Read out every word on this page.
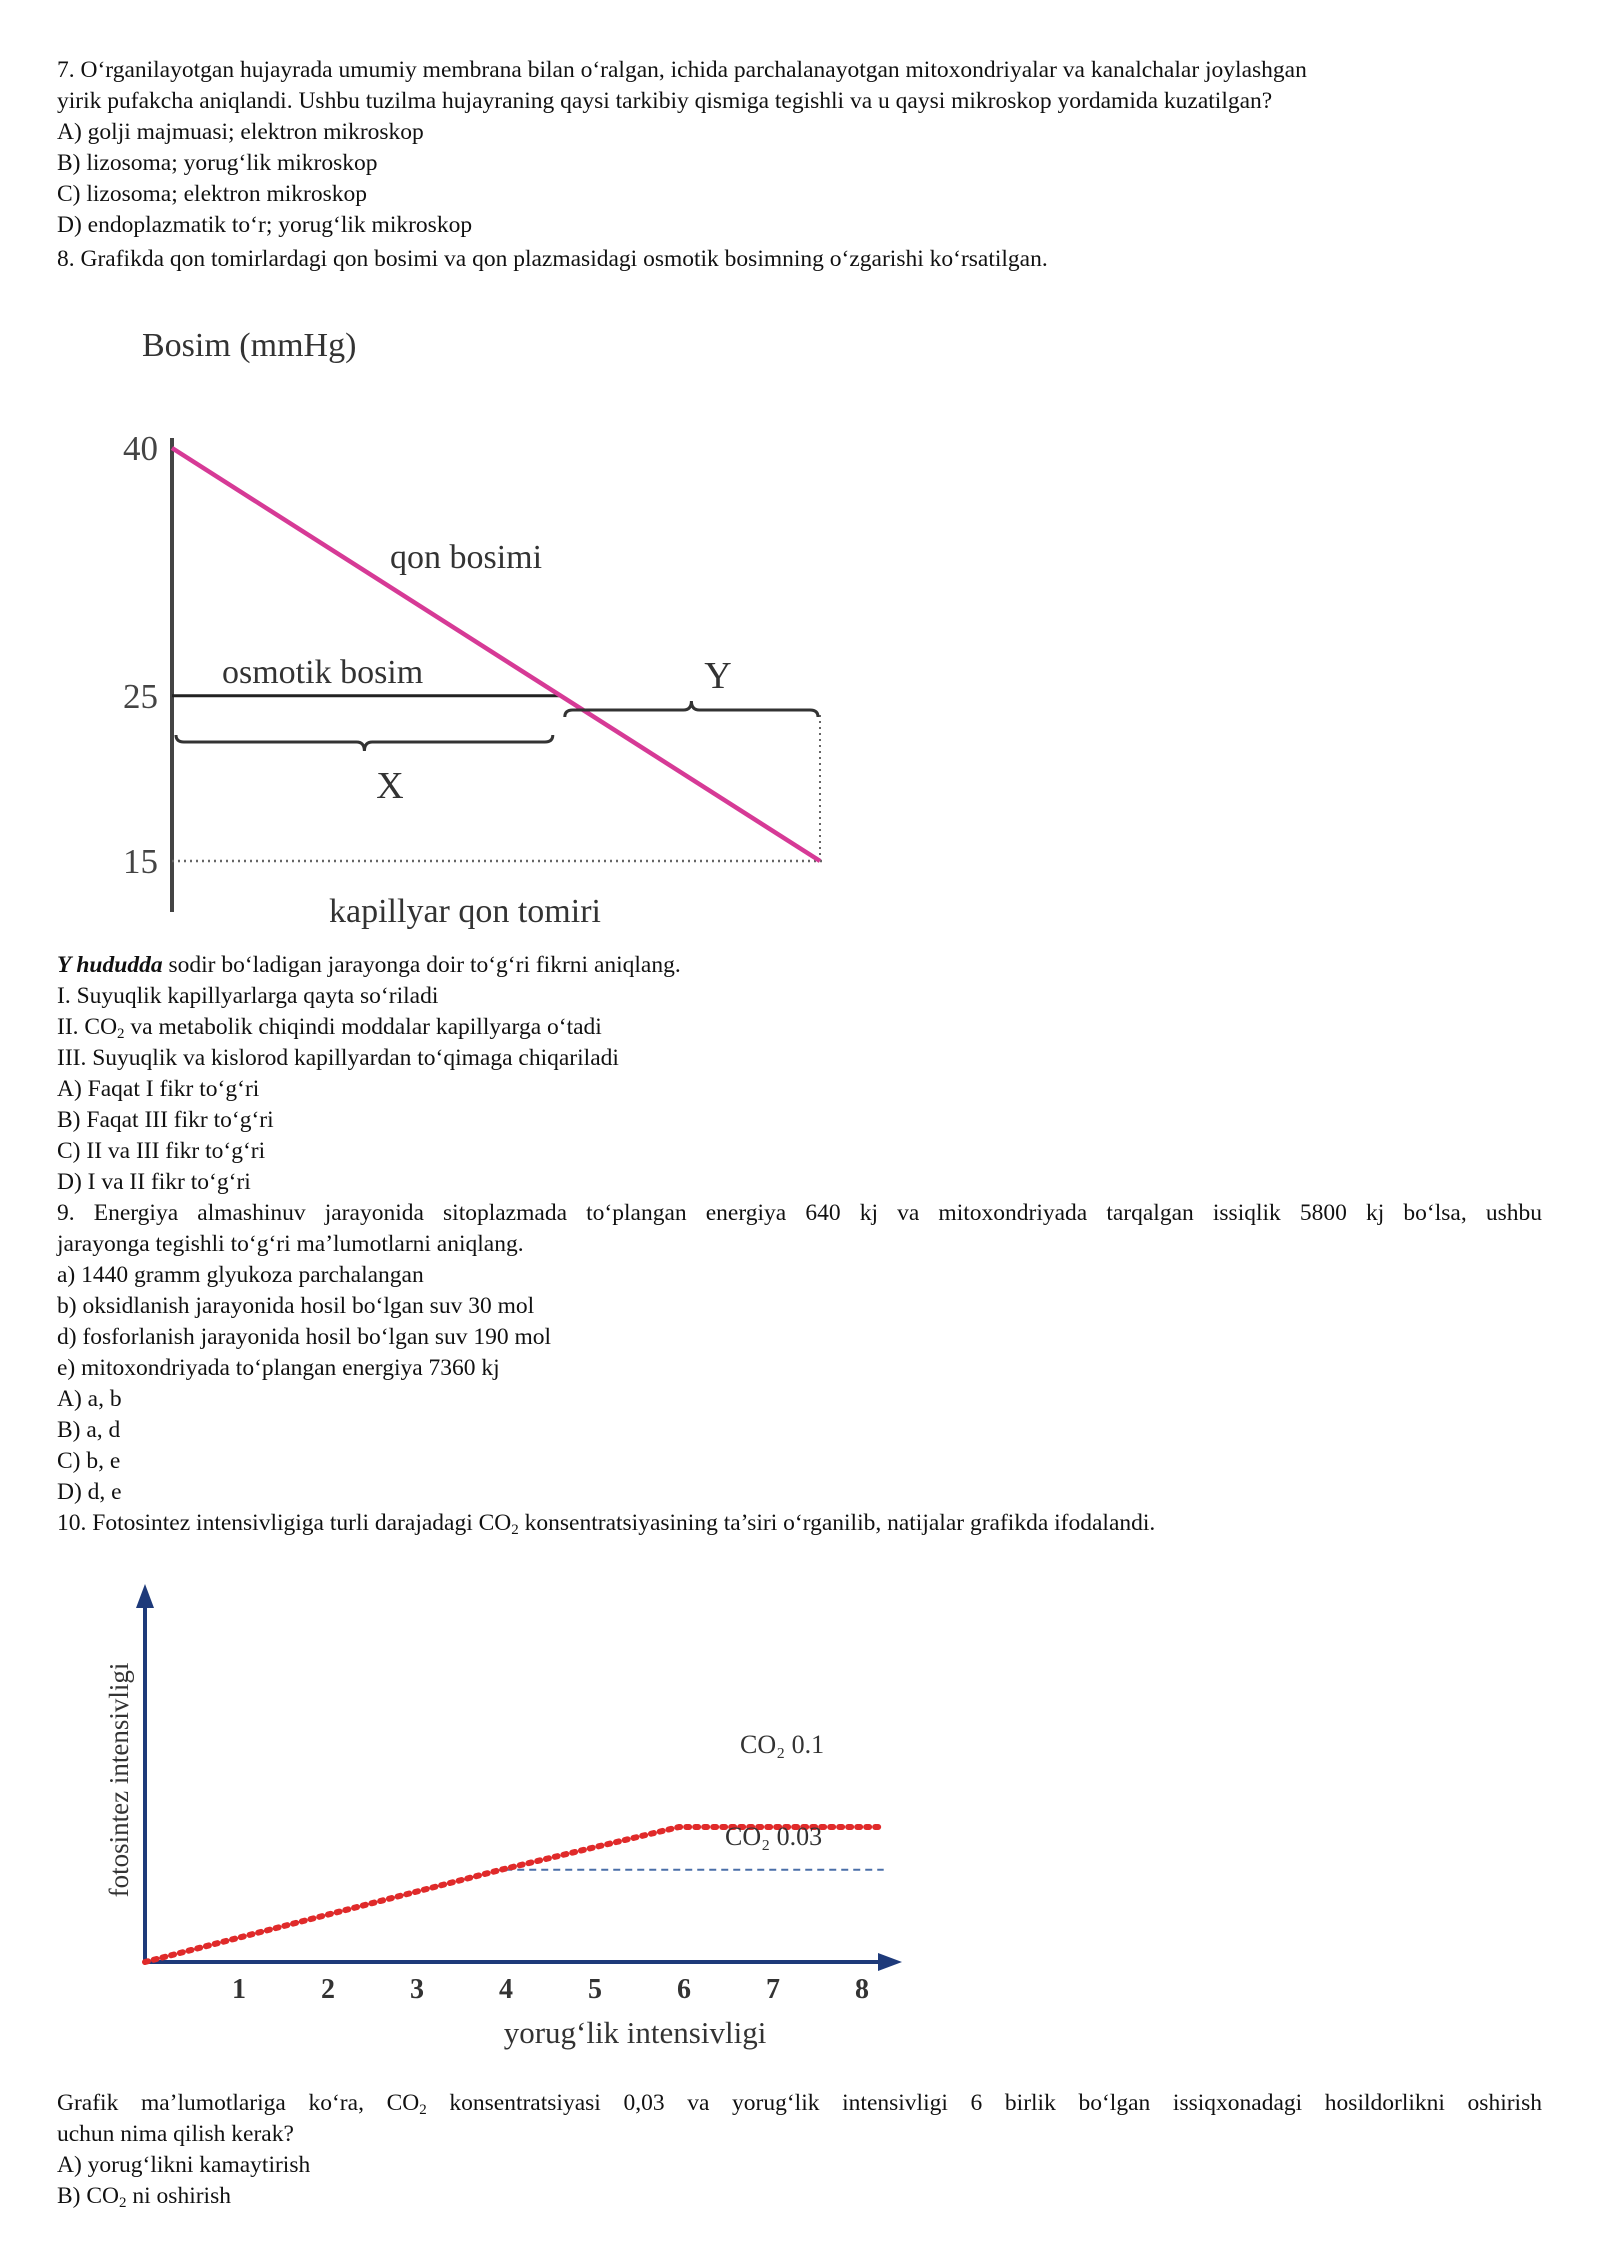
7. O‘rganilayotgan hujayrada umumiy membrana bilan o‘ralgan, ichida parchalanayotgan mitoxondriyalar va kanalchalar joylashgan

yirik pufakcha aniqlandi. Ushbu tuzilma hujayraning qaysi tarkibiy qismiga tegishli va u qaysi mikroskop yordamida kuzatilgan?

A) golji majmuasi; elektron mikroskop

B) lizosoma; yorug‘lik mikroskop

C) lizosoma; elektron mikroskop

D) endoplazmatik to‘r; yorug‘lik mikroskop

8. Grafikda qon tomirlardagi qon bosimi va qon plazmasidagi osmotik bosimning o‘zgarishi ko‘rsatilgan.

Bosim (mmHg)
40
25
15
qon bosimi
osmotik bosim
X
Y
kapillyar qon tomiri

Y hududda sodir bo‘ladigan jarayonga doir to‘g‘ri fikrni aniqlang.

I. Suyuqlik kapillyarlarga qayta so‘riladi

II. $CO_2$ va metabolik chiqindi moddalar kapillyarga o‘tadi

III. Suyuqlik va kislorod kapillyardan to‘qimaga chiqariladi

A) Faqat I fikr to‘g‘ri

B) Faqat III fikr to‘g‘ri

C) II va III fikr to‘g‘ri

D) I va II fikr to‘g‘ri

9. Energiya almashinuv jarayonida sitoplazmada to‘plangan energiya 640 kj va mitoxondriyada tarqalgan issiqlik 5800 kj bo‘lsa, ushbu

jarayonga tegishli to‘g‘ri ma’lumotlarni aniqlang.

a) 1440 gramm glyukoza parchalangan

b) oksidlanish jarayonida hosil bo‘lgan suv 30 mol

d) fosforlanish jarayonida hosil bo‘lgan suv 190 mol

e) mitoxondriyada to‘plangan energiya 7360 kj

A) a, b

B) a, d

C) b, e

D) d, e

10. Fotosintez intensivligiga turli darajadagi $CO_2$ konsentratsiyasining ta’siri o‘rganilib, natijalar grafikda ifodalandi.

1	2	3	4	5	6	7	8
yorug‘lik intensivligi
fotosintez intensivligi	CO₂ 0.1
CO₂ 0.03

Grafik ma’lumotlariga ko‘ra, $CO_2$ konsentratsiyasi 0,03 va yorug‘lik intensivligi 6 birlik bo‘lgan issiqxonadagi hosildorlikni oshirish

uchun nima qilish kerak?

A) yorug‘likni kamaytirish

B) $CO_2$ ni oshirish
